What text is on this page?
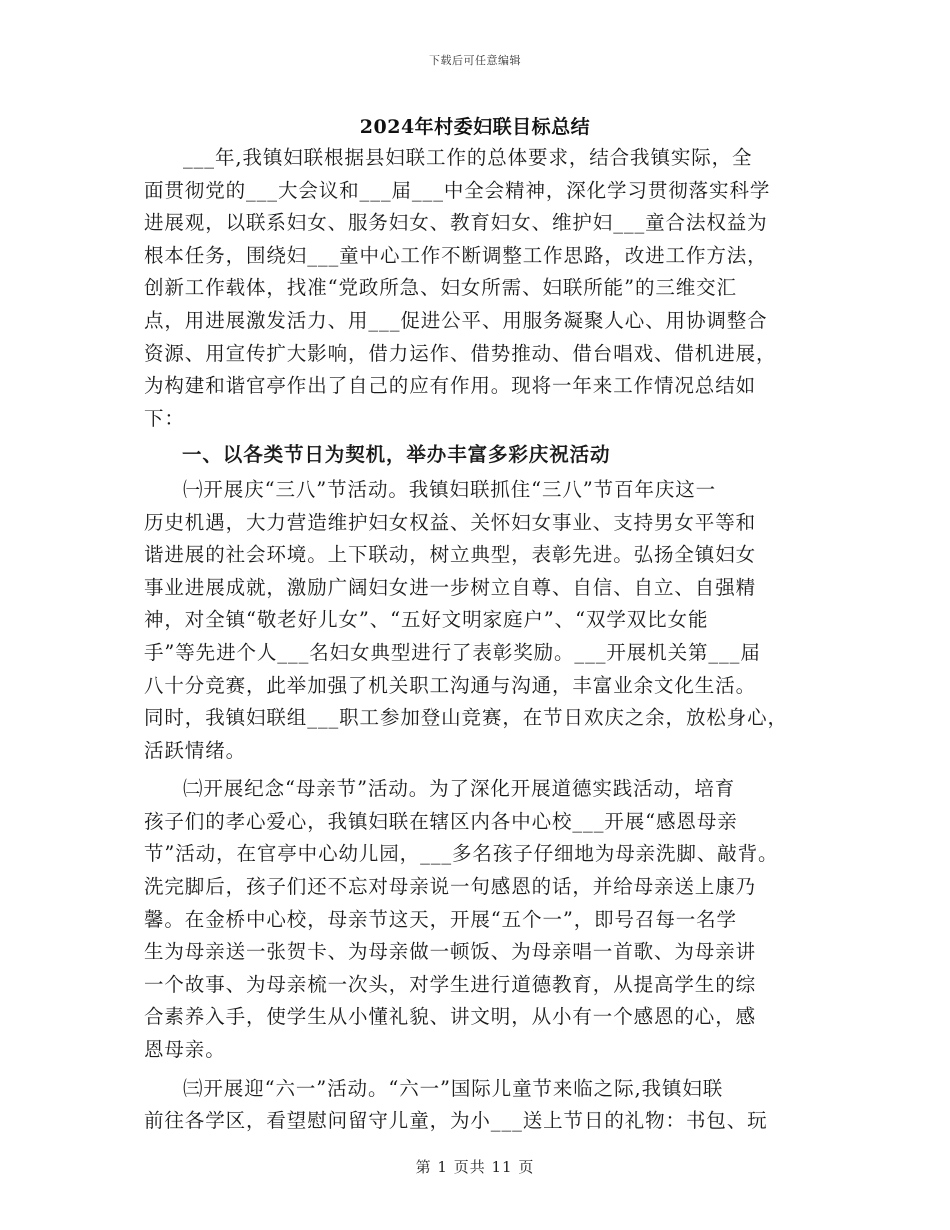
下载后可任意编辑
2024年村委妇联目标总结
___年,我镇妇联根据县妇联工作的总体要求，结合我镇实际，全
面贯彻党的___大会议和___届___中全会精神，深化学习贯彻落实科学
进展观，以联系妇女、服务妇女、教育妇女、维护妇___童合法权益为
根本任务，围绕妇___童中心工作不断调整工作思路，改进工作方法，
创新工作载体，找准“党政所急、妇女所需、妇联所能”的三维交汇
点，用进展激发活力、用___促进公平、用服务凝聚人心、用协调整合
资源、用宣传扩大影响，借力运作、借势推动、借台唱戏、借机进展，
为构建和谐官亭作出了自己的应有作用。现将一年来工作情况总结如
下：
一、以各类节日为契机，举办丰富多彩庆祝活动
㈠开展庆“三八”节活动。我镇妇联抓住“三八”节百年庆这一
历史机遇，大力营造维护妇女权益、关怀妇女事业、支持男女平等和
谐进展的社会环境。上下联动，树立典型，表彰先进。弘扬全镇妇女
事业进展成就，激励广阔妇女进一步树立自尊、自信、自立、自强精
神，对全镇“敬老好儿女”、“五好文明家庭户”、“双学双比女能
手”等先进个人___名妇女典型进行了表彰奖励。___开展机关第___届
八十分竞赛，此举加强了机关职工沟通与沟通，丰富业余文化生活。
同时，我镇妇联组___职工参加登山竞赛，在节日欢庆之余，放松身心，
活跃情绪。
㈡开展纪念“母亲节”活动。为了深化开展道德实践活动，培育
孩子们的孝心爱心，我镇妇联在辖区内各中心校___开展“感恩母亲
节”活动，在官亭中心幼儿园，___多名孩子仔细地为母亲洗脚、敲背。
洗完脚后，孩子们还不忘对母亲说一句感恩的话，并给母亲送上康乃
馨。在金桥中心校，母亲节这天，开展“五个一”，即号召每一名学
生为母亲送一张贺卡、为母亲做一顿饭、为母亲唱一首歌、为母亲讲
一个故事、为母亲梳一次头，对学生进行道德教育，从提高学生的综
合素养入手，使学生从小懂礼貌、讲文明，从小有一个感恩的心，感
恩母亲。
㈢开展迎“六一”活动。“六一”国际儿童节来临之际,我镇妇联
前往各学区，看望慰问留守儿童，为小___送上节日的礼物：书包、玩
第 1 页共 11 页
